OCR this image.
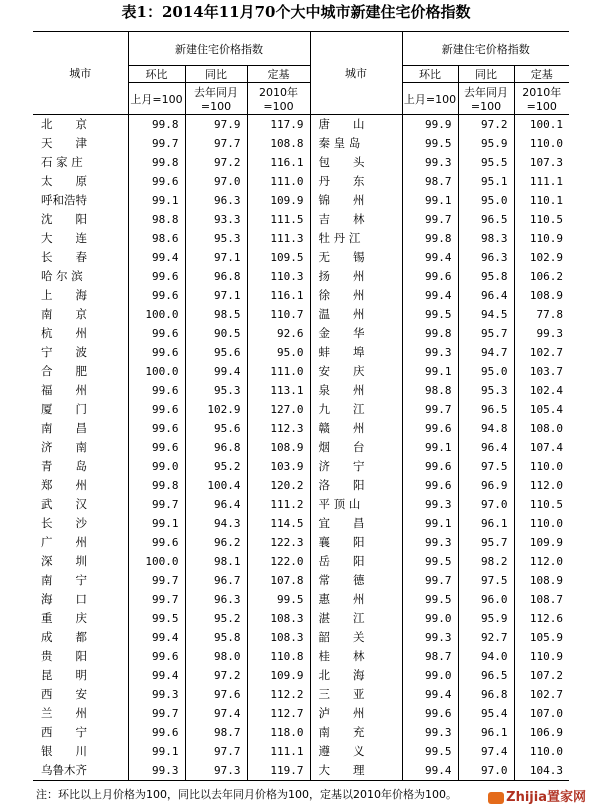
表1：2014年11月70个大中城市新建住宅价格指数
城市	新建住宅价格指数			城市	新建住宅价格指数		
	环比	同比	定基		环比	同比	定基
	上月=100	去年同月=100	2010年=100		上月=100	去年同月=100	2010年=100
北　　京	99.8	97.9	117.9	唐　　山	99.9	97.2	100.1
天　　津	99.7	97.7	108.8	秦 皇 岛	99.5	95.9	110.0
石 家 庄	99.8	97.2	116.1	包　　头	99.3	95.5	107.3
太　　原	99.6	97.0	111.0	丹　　东	98.7	95.1	111.1
呼和浩特	99.1	96.3	109.9	锦　　州	99.1	95.0	110.1
沈　　阳	98.8	93.3	111.5	吉　　林	99.7	96.5	110.5
大　　连	98.6	95.3	111.3	牡 丹 江	99.8	98.3	110.9
长　　春	99.4	97.1	109.5	无　　锡	99.4	96.3	102.9
哈 尔 滨	99.6	96.8	110.3	扬　　州	99.6	95.8	106.2
上　　海	99.6	97.1	116.1	徐　　州	99.4	96.4	108.9
南　　京	100.0	98.5	110.7	温　　州	99.5	94.5	77.8
杭　　州	99.6	90.5	92.6	金　　华	99.8	95.7	99.3
宁　　波	99.6	95.6	95.0	蚌　　埠	99.3	94.7	102.7
合　　肥	100.0	99.4	111.0	安　　庆	99.1	95.0	103.7
福　　州	99.6	95.3	113.1	泉　　州	98.8	95.3	102.4
厦　　门	99.6	102.9	127.0	九　　江	99.7	96.5	105.4
南　　昌	99.6	95.6	112.3	赣　　州	99.6	94.8	108.0
济　　南	99.6	96.8	108.9	烟　　台	99.1	96.4	107.4
青　　岛	99.0	95.2	103.9	济　　宁	99.6	97.5	110.0
郑　　州	99.8	100.4	120.2	洛　　阳	99.6	96.9	112.0
武　　汉	99.7	96.4	111.2	平 顶 山	99.3	97.0	110.5
长　　沙	99.1	94.3	114.5	宜　　昌	99.1	96.1	110.0
广　　州	99.6	96.2	122.3	襄　　阳	99.3	95.7	109.9
深　　圳	100.0	98.1	122.0	岳　　阳	99.5	98.2	112.0
南　　宁	99.7	96.7	107.8	常　　德	99.7	97.5	108.9
海　　口	99.7	96.3	99.5	惠　　州	99.5	96.0	108.7
重　　庆	99.5	95.2	108.3	湛　　江	99.0	95.9	112.6
成　　都	99.4	95.8	108.3	韶　　关	99.3	92.7	105.9
贵　　阳	99.6	98.0	110.8	桂　　林	98.7	94.0	110.9
昆　　明	99.4	97.2	109.9	北　　海	99.0	96.5	107.2
西　　安	99.3	97.6	112.2	三　　亚	99.4	96.8	102.7
兰　　州	99.7	97.4	112.7	泸　　州	99.6	95.4	107.0
西　　宁	99.6	98.7	118.0	南　　充	99.3	96.1	106.9
银　　川	99.1	97.7	111.1	遵　　义	99.5	97.4	110.0
乌鲁木齐	99.3	97.3	119.7	大　　理	99.4	97.0	104.3
注：环比以上月价格为100，同比以去年同月价格为100，定基以2010年价格为100。	Zhijia置家网
